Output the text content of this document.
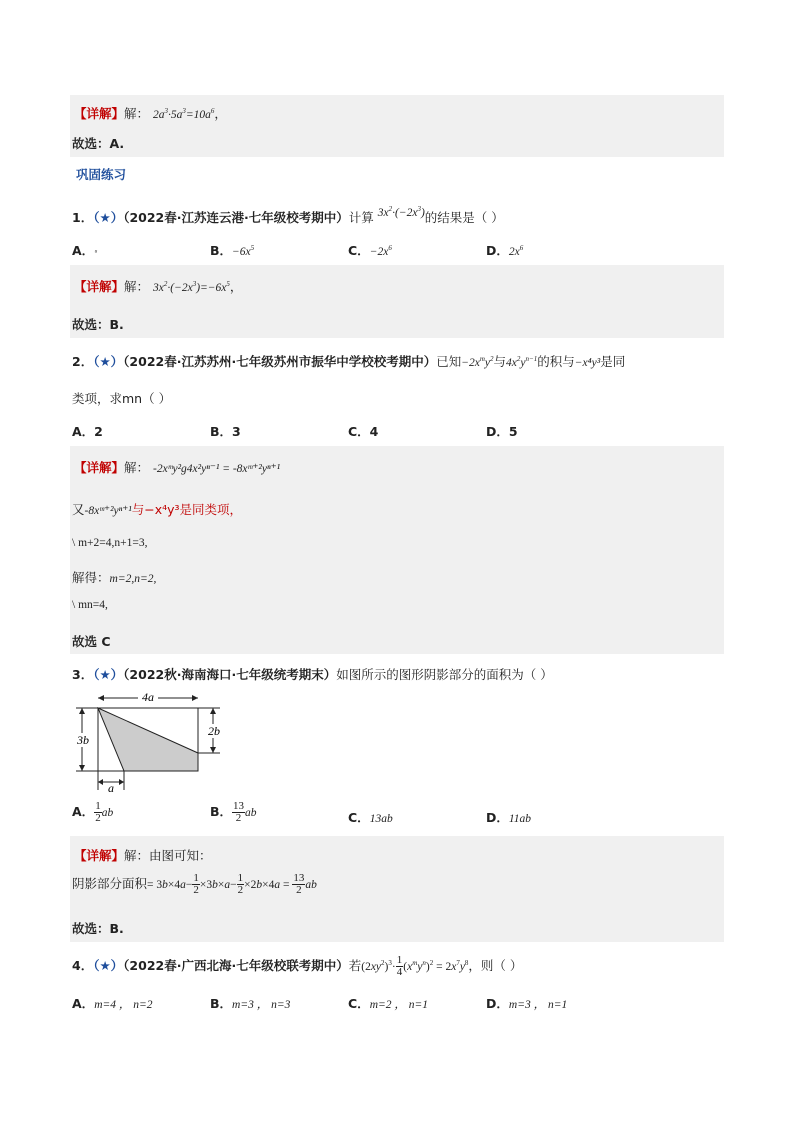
【详解】解： $2a^3\cdot 5a^3=10a^6$，
故选：A.
巩固练习
1．（★）（2022春·江苏连云港·七年级校考期中）计算 $3x^2\cdot(-2x^3)$的结果是（ ）
A．ᵘ	B．$-6x^5$	C．$-2x^6$	D．$2x^6$
【详解】解： $3x^2\cdot(-2x^3)=-6x^5$，
故选：B.
2．（★）（2022春·江苏苏州·七年级苏州市振华中学校校考期中）已知$-2x^my^2$与$4x^2y^{n-1}$的积与−x⁴y³是同
类项，求mn（ ）
A．2	B．3	C．4	D．5
【详解】解： -2xᵐy²g4x²yⁿ⁻¹ = -8xᵐ⁺²yⁿ⁺¹
又-8xᵐ⁺²yⁿ⁺¹与−x⁴y³是同类项，
\ m+2=4,n+1=3,
解得：m=2,n=2,
\ mn=4,
故选 C
3．（★）（2022秋·海南海口·七年级统考期末）如图所示的图形阴影部分的面积为（ ）
4a
3b
2b
a
A． $\frac{1}{2}$ ab	B． $\frac{13}{2}$ ab	C．13ab	D．11ab
【详解】解：由图可知：
阴影部分面积= $3b\times 4a- \frac{1}{2} \times 3b\times a- \frac{1}{2} \times 2b\times 4a = \frac{13}{2}$ ab
故选：B.
4．（★）（2022春·广西北海·七年级校联考期中）若$(2xy^2)^3\cdot \frac{1}{4} (x^my^n)^2 = 2x^7y^8$，则（ ）
A．m=4 ， n=2	B．m=3 ， n=3	C．m=2 ， n=1	D．m=3 ， n=1
